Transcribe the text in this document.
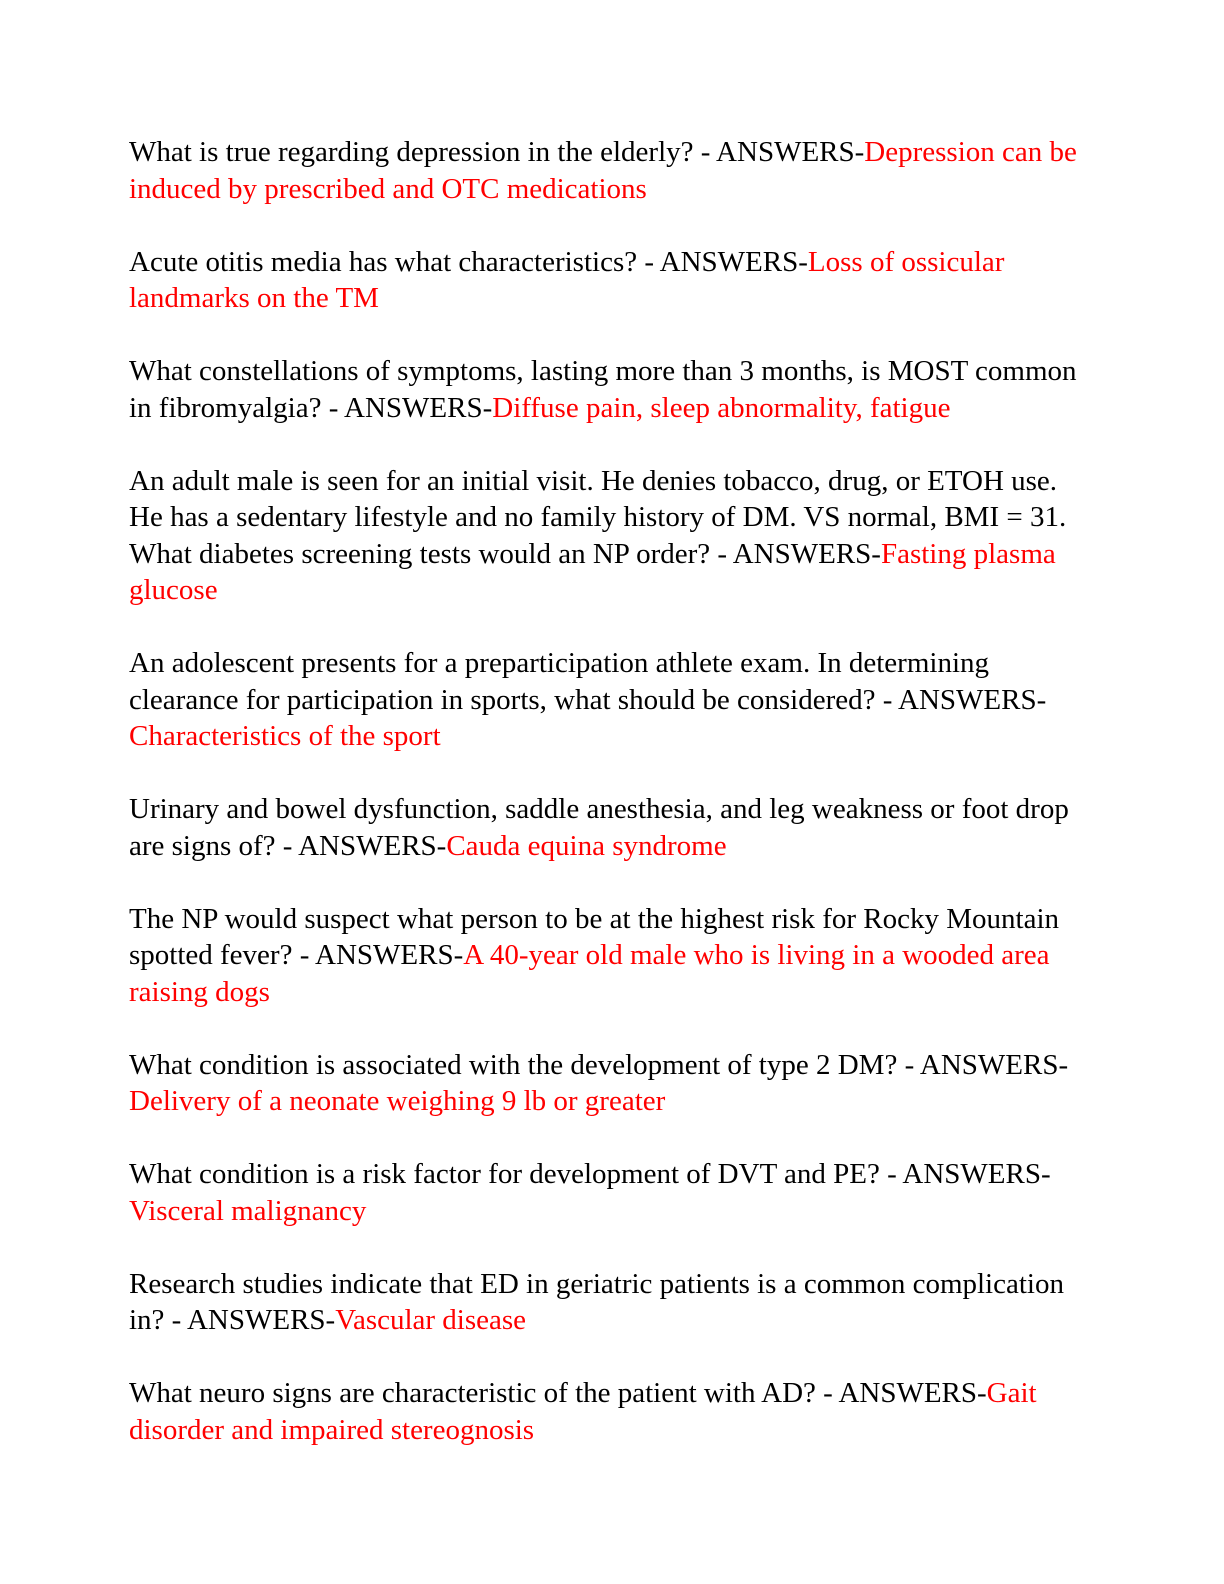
What is true regarding depression in the elderly? - ANSWERS-Depression can be induced by prescribed and OTC medications

Acute otitis media has what characteristics? - ANSWERS-Loss of ossicular landmarks on the TM

What constellations of symptoms, lasting more than 3 months, is MOST common in fibromyalgia? - ANSWERS-Diffuse pain, sleep abnormality, fatigue

An adult male is seen for an initial visit. He denies tobacco, drug, or ETOH use. He has a sedentary lifestyle and no family history of DM. VS normal, BMI = 31. What diabetes screening tests would an NP order? - ANSWERS-Fasting plasma glucose

An adolescent presents for a preparticipation athlete exam. In determining clearance for participation in sports, what should be considered? - ANSWERS-Characteristics of the sport

Urinary and bowel dysfunction, saddle anesthesia, and leg weakness or foot drop are signs of? - ANSWERS-Cauda equina syndrome

The NP would suspect what person to be at the highest risk for Rocky Mountain spotted fever? - ANSWERS-A 40-year old male who is living in a wooded area raising dogs

What condition is associated with the development of type 2 DM? - ANSWERS-Delivery of a neonate weighing 9 lb or greater

What condition is a risk factor for development of DVT and PE? - ANSWERS-Visceral malignancy

Research studies indicate that ED in geriatric patients is a common complication in? - ANSWERS-Vascular disease

What neuro signs are characteristic of the patient with AD? - ANSWERS-Gait disorder and impaired stereognosis
